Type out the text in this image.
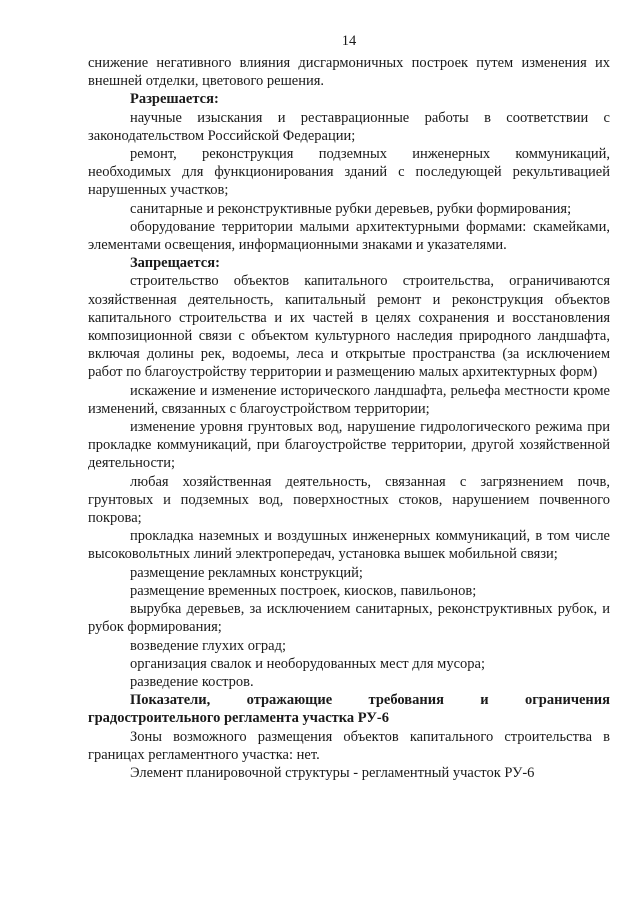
14

снижение негативного влияния дисгармоничных построек путем изменения их внешней отделки, цветового решения.

Разрешается:

научные изыскания и реставрационные работы в соответствии с законодательством Российской Федерации;

ремонт, реконструкция подземных инженерных коммуникаций, необходимых для функционирования зданий с последующей рекультивацией нарушенных участков;

санитарные и реконструктивные рубки деревьев, рубки формирования;

оборудование территории малыми архитектурными формами: скамейками, элементами освещения, информационными знаками и указателями.

Запрещается:

строительство объектов капитального строительства, ограничиваются хозяйственная деятельность, капитальный ремонт и реконструкция объектов капитального строительства и их частей в целях сохранения и восстановления композиционной связи с объектом культурного наследия природного ландшафта, включая долины рек, водоемы, леса и открытые пространства (за исключением работ по благоустройству территории и размещению малых архитектурных форм)

искажение и изменение исторического ландшафта, рельефа местности кроме изменений, связанных с благоустройством территории;

изменение уровня грунтовых вод, нарушение гидрологического режима при прокладке коммуникаций, при благоустройстве территории, другой хозяйственной деятельности;

любая хозяйственная деятельность, связанная с загрязнением почв, грунтовых и подземных вод, поверхностных стоков, нарушением почвенного покрова;

прокладка наземных и воздушных инженерных коммуникаций, в том числе высоковольтных линий электропередач, установка вышек мобильной связи;

размещение рекламных конструкций;

размещение временных построек, киосков, павильонов;

вырубка деревьев, за исключением санитарных, реконструктивных рубок, и рубок формирования;

возведение глухих оград;

организация свалок и необорудованных мест для мусора;

разведение костров.

Показатели, отражающие требования и ограничения градостроительного регламента участка РУ-6

Зоны возможного размещения объектов капитального строительства в границах регламентного участка: нет.

Элемент планировочной структуры - регламентный участок РУ-6
